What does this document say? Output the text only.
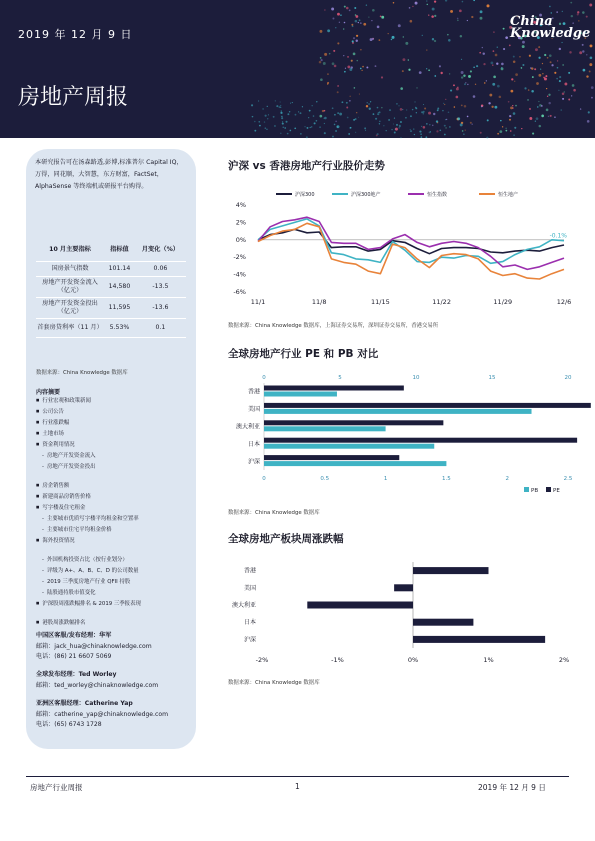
2019 年 12 月 9 日
房地产周报
China
Knowledge
本研究报告可在汤森路透,彭博,标准普尔 Capital IQ，万得，同花顺，大智慧，东方财富，FactSet，AlphaSense 等终端机或研报平台购得。
10 月主要指标	指标值	月变化（%）
国房景气指数	101.14	0.06
房地产开发资金流入（亿元）	14,580	-13.5
房地产开发资金投出（亿元）	11,595	-13.6
首套房贷利率（11 月）	5.53%	0.1
数据来源：China Knowledge 数据库
内容摘要
■ 行业宏观和政策新闻
■ 公司公告
■ 行业涨跌幅
■ 土地市场
■ 资金利用情况
- 房地产开发资金流入
- 房地产开发资金投出
■ 房企销售额
■ 新建商品房销售价格
■ 写字楼及住宅租金
- 主要城市优质写字楼平均租金和空置率
- 主要城市住宅平均租金价格
■ 海外投资情况
- 外国机构投资占比（按行业划分）
- 评级为 A+、A、B、C、D 的公司数量
- 2019 三季度房地产行业 QFII 持股
- 陆股通持股市值变化
■ 沪深股周涨跌幅排名 & 2019 三季报表现
■ 港股周涨跌幅排名
中国区客服/发布经理：华军
邮箱：jack_hua@chinaknowledge.com
电话：(86) 21 6607 5069
全球发布经理：Ted Worley
邮箱：ted_worley@chinaknowledge.com
亚洲区客服经理：Catherine Yap
邮箱：catherine_yap@chinaknowledge.com
电话：(65) 6743 1728
沪深 vs 香港房地产行业股价走势
沪深300	沪深300地产	恒生指数	恒生地产
4%
2%
0%
-2%
-4%
-6%
11/1	11/8	11/15	11/22	11/29	12/6
-0.1%
数据来源：China Knowledge 数据库，上海证券交易所，深圳证券交易所，香港交易所
全球房地产行业 PE 和 PB 对比
0	5	10	15	20
0	0.5	1	1.5	2	2.5
香港
美国
澳大利亚
日本
沪深
PB	PE
数据来源：China Knowledge 数据库
全球房地产板块周涨跌幅
香港
美国
澳大利亚
日本
沪深
-2%	-1%	0%	1%	2%
数据来源：China Knowledge 数据库
房地产行业周报	1	2019 年 12 月 9 日
